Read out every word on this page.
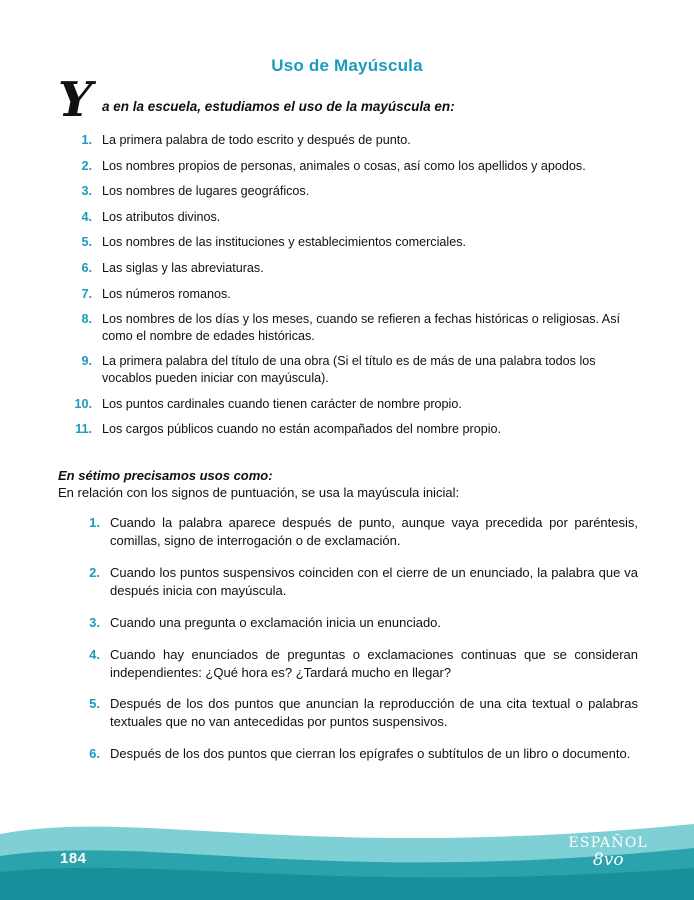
Uso de Mayúscula
Y a en la escuela, estudiamos el uso de la mayúscula en:
1. La primera palabra de todo escrito y después de punto.
2. Los nombres propios de personas, animales o cosas, así como los apellidos y apodos.
3. Los nombres de lugares geográficos.
4. Los atributos divinos.
5. Los nombres de las instituciones y establecimientos comerciales.
6. Las siglas y las abreviaturas.
7. Los números romanos.
8. Los nombres de los días y los meses, cuando se refieren a fechas históricas o religiosas. Así como el nombre de edades históricas.
9. La primera palabra del título de una obra (Si el título es de más de una palabra todos los vocablos pueden iniciar con mayúscula).
10. Los puntos cardinales cuando tienen carácter de nombre propio.
11. Los cargos públicos cuando no están acompañados del nombre propio.
En sétimo precisamos usos como:
En relación con los signos de puntuación, se usa la mayúscula inicial:
1. Cuando la palabra aparece después de punto, aunque vaya precedida por paréntesis, comillas, signo de interrogación o de exclamación.
2. Cuando los puntos suspensivos coinciden con el cierre de un enunciado, la palabra que va después inicia con mayúscula.
3. Cuando una pregunta o exclamación inicia un enunciado.
4. Cuando hay enunciados de preguntas o exclamaciones continuas que se consideran independientes: ¿Qué hora es? ¿Tardará mucho en llegar?
5. Después de los dos puntos que anuncian la reproducción de una cita textual o palabras textuales que no van antecedidas por puntos suspensivos.
6. Después de los dos puntos que cierran los epígrafes o subtítulos de un libro o documento.
184
ESPAÑOL
8vo
